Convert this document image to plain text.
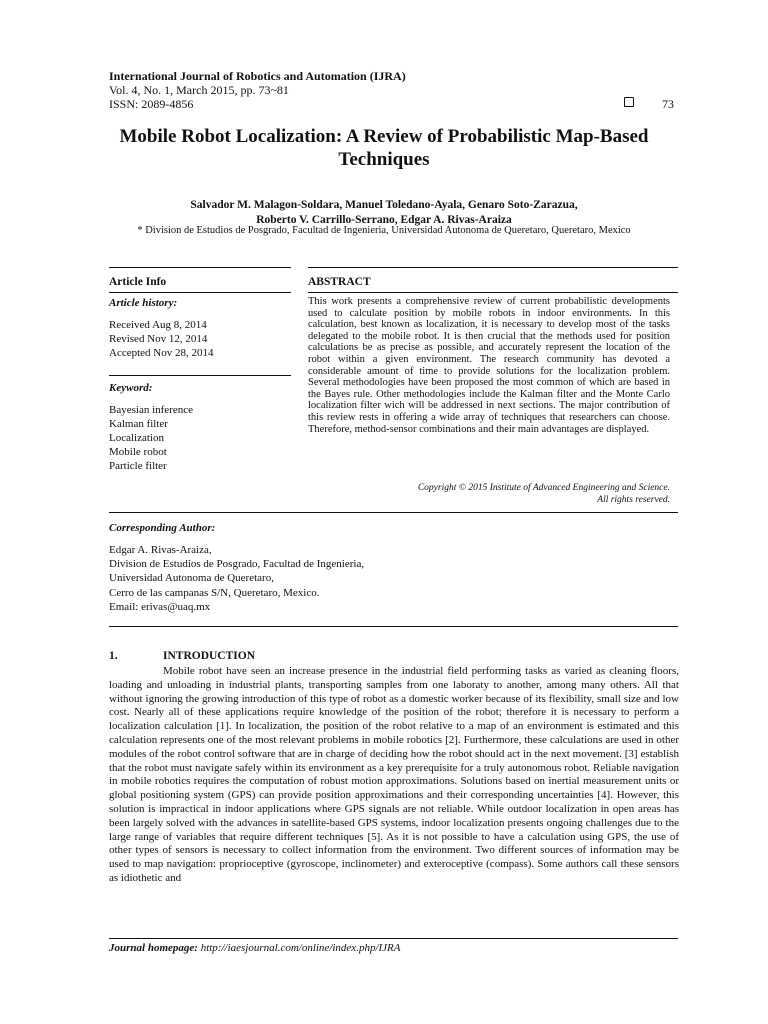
International Journal of Robotics and Automation (IJRA)
Vol. 4, No. 1, March 2015, pp. 73~81
ISSN: 2089-4856	73
Mobile Robot Localization: A Review of Probabilistic Map-Based Techniques
Salvador M. Malagon-Soldara, Manuel Toledano-Ayala, Genaro Soto-Zarazua,
Roberto V. Carrillo-Serrano, Edgar A. Rivas-Araiza
* Division de Estudios de Posgrado, Facultad de Ingenieria, Universidad Autonoma de Queretaro, Queretaro, Mexico
Article Info
Article history:
Received Aug 8, 2014
Revised Nov 12, 2014
Accepted Nov 28, 2014
Keyword:
Bayesian inference
Kalman filter
Localization
Mobile robot
Particle filter
ABSTRACT
This work presents a comprehensive review of current probabilistic developments used to calculate position by mobile robots in indoor environments. In this calculation, best known as localization, it is necessary to develop most of the tasks delegated to the mobile robot. It is then crucial that the methods used for position calculations be as precise as possible, and accurately represent the location of the robot within a given environment. The research community has devoted a considerable amount of time to provide solutions for the localization problem. Several methodologies have been proposed the most common of which are based in the Bayes rule. Other methodologies include the Kalman filter and the Monte Carlo localization filter wich will be addressed in next sections. The major contribution of this review rests in offering a wide array of techniques that researchers can choose. Therefore, method-sensor combinations and their main advantages are displayed.
Copyright © 2015 Institute of Advanced Engineering and Science.
All rights reserved.
Corresponding Author:
Edgar A. Rivas-Araiza,
Division de Estudios de Posgrado, Facultad de Ingenieria,
Universidad Autonoma de Queretaro,
Cerro de las campanas S/N, Queretaro, Mexico.
Email: erivas@uaq.mx
1.	INTRODUCTION
Mobile robot have seen an increase presence in the industrial field performing tasks as varied as cleaning floors, loading and unloading in industrial plants, transporting samples from one laboraty to another, among many others. All that without ignoring the growing introduction of this type of robot as a domestic worker because of its flexibility, small size and low cost. Nearly all of these applications require knowledge of the position of the robot; therefore it is necessary to perform a localization calculation [1]. In localization, the position of the robot relative to a map of an environment is estimated and this calculation represents one of the most relevant problems in mobile robotics [2]. Furthermore, these calculations are used in other modules of the robot control software that are in charge of deciding how the robot should act in the next movement. [3] establish that the robot must navigate safely within its environment as a key prerequisite for a truly autonomous robot. Reliable navigation in mobile robotics requires the computation of robust motion approximations. Solutions based on inertial measurement units or global positioning system (GPS) can provide position approximations and their corresponding uncertainties [4]. However, this solution is impractical in indoor applications where GPS signals are not reliable. While outdoor localization in open areas has been largely solved with the advances in satellite-based GPS systems, indoor localization presents ongoing challenges due to the large range of variables that require different techniques [5]. As it is not possible to have a calculation using GPS, the use of other types of sensors is necessary to collect information from the environment. Two different sources of information may be used to map navigation: proprioceptive (gyroscope, inclinometer) and exteroceptive (compass). Some authors call these sensors as idiothetic and
Journal homepage: http://iaesjournal.com/online/index.php/IJRA
